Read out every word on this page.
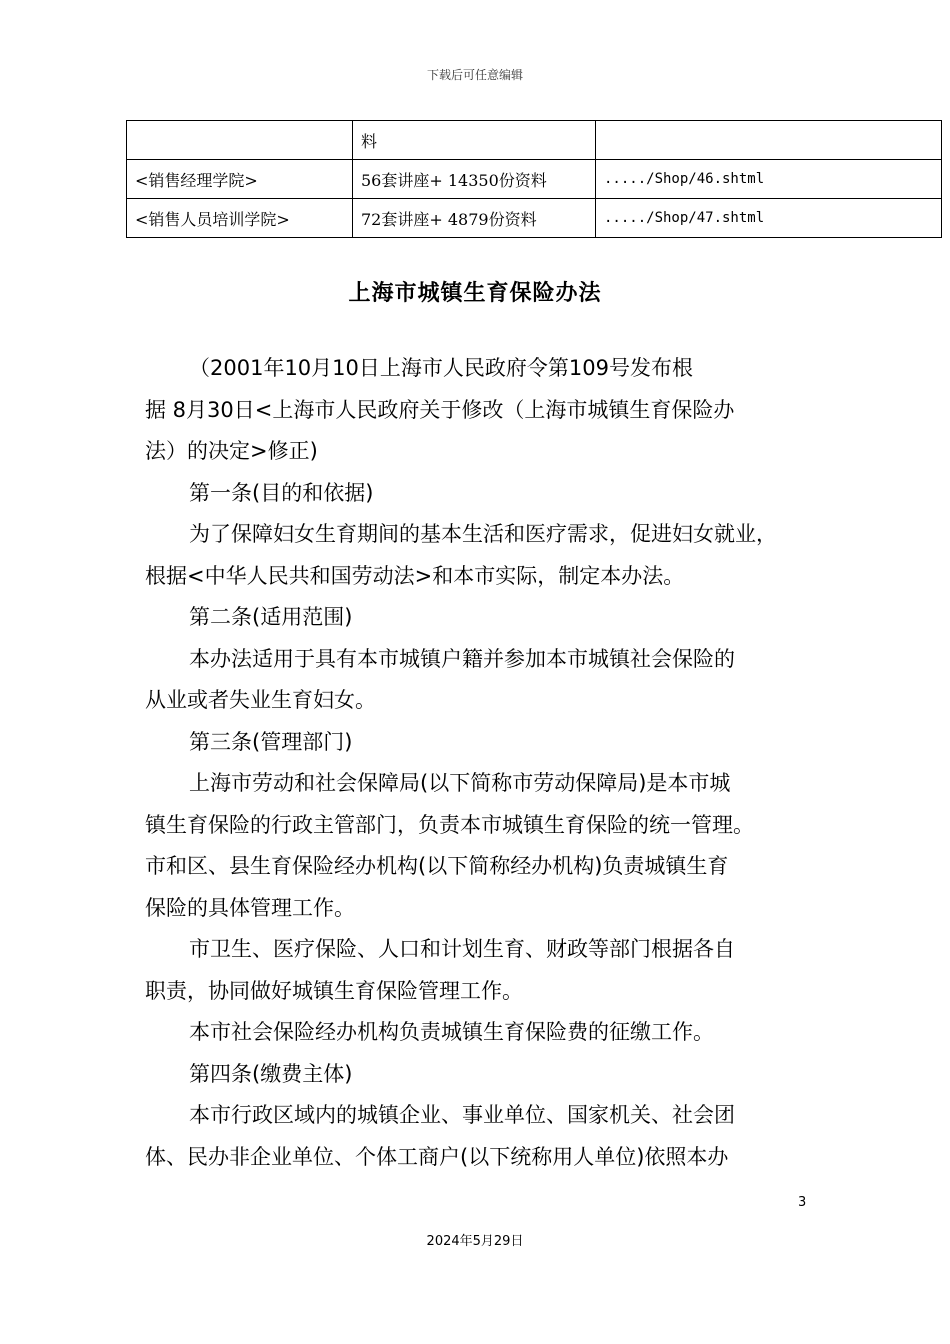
下载后可任意编辑
	料	
<销售经理学院>	56套讲座+ 14350份资料	...../Shop/46.shtml
<销售人员培训学院>	72套讲座+ 4879份资料	...../Shop/47.shtml
上海市城镇生育保险办法

（2001年10月10日上海市人民政府令第109号发布根

据 8月30日<上海市人民政府关于修改（上海市城镇生育保险办

法）的决定>修正)

第一条(目的和依据)

为了保障妇女生育期间的基本生活和医疗需求，促进妇女就业，

根据<中华人民共和国劳动法>和本市实际，制定本办法。

第二条(适用范围)

本办法适用于具有本市城镇户籍并参加本市城镇社会保险的

从业或者失业生育妇女。

第三条(管理部门)

上海市劳动和社会保障局(以下简称市劳动保障局)是本市城

镇生育保险的行政主管部门，负责本市城镇生育保险的统一管理。

市和区、县生育保险经办机构(以下简称经办机构)负责城镇生育

保险的具体管理工作。

市卫生、医疗保险、人口和计划生育、财政等部门根据各自

职责，协同做好城镇生育保险管理工作。

本市社会保险经办机构负责城镇生育保险费的征缴工作。

第四条(缴费主体)

本市行政区域内的城镇企业、事业单位、国家机关、社会团

体、民办非企业单位、个体工商户(以下统称用人单位)依照本办

3
2024年5月29日
